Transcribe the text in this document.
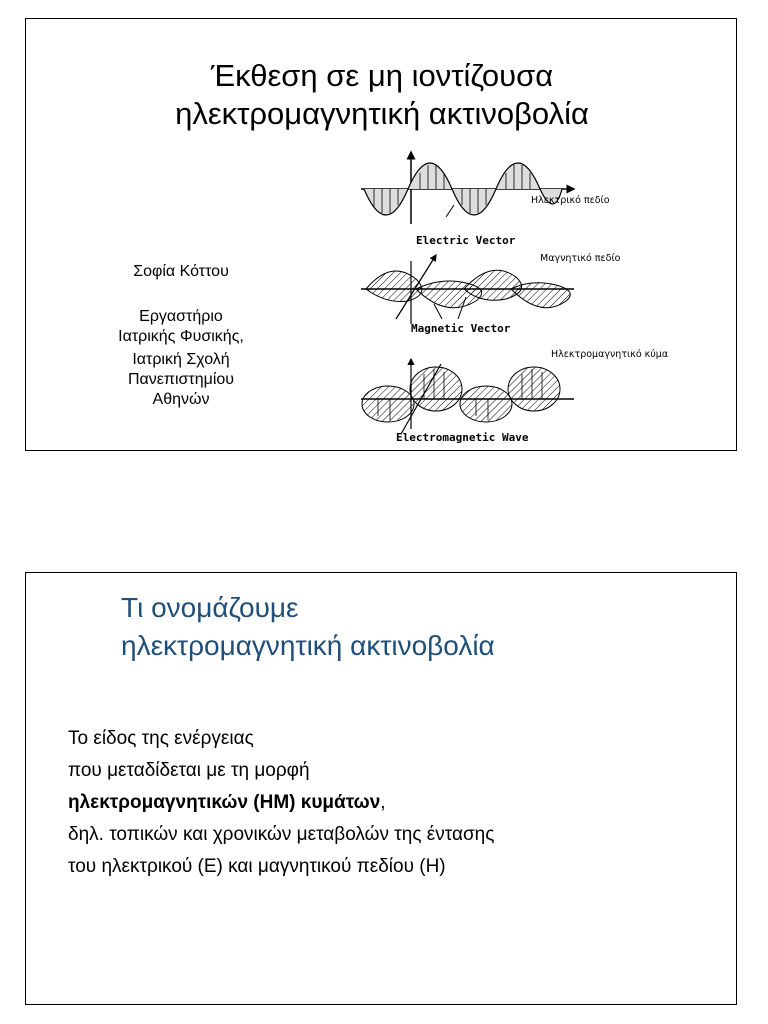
Έκθεση σε μη ιοντίζουσα
ηλεκτρομαγνητική ακτινοβολία
Σοφία Κόττου
Εργαστήριο
Ιατρικής Φυσικής,
Ιατρική Σχολή
Πανεπιστημίου
Αθηνών
Electric Vector
Magnetic Vector
Electromagnetic Wave
Ηλεκτρικό πεδίο
Μαγνητικό πεδίο
Ηλεκτρομαγνητικό κύμα
Τι ονομάζουμε
ηλεκτρομαγνητική ακτινοβολία
Το είδος της ενέργειας
που μεταδίδεται με τη μορφή
ηλεκτρομαγνητικών (ΗΜ) κυμάτων,
δηλ. τοπικών και χρονικών μεταβολών της έντασης
του ηλεκτρικού (Ε) και μαγνητικού πεδίου (Η)
